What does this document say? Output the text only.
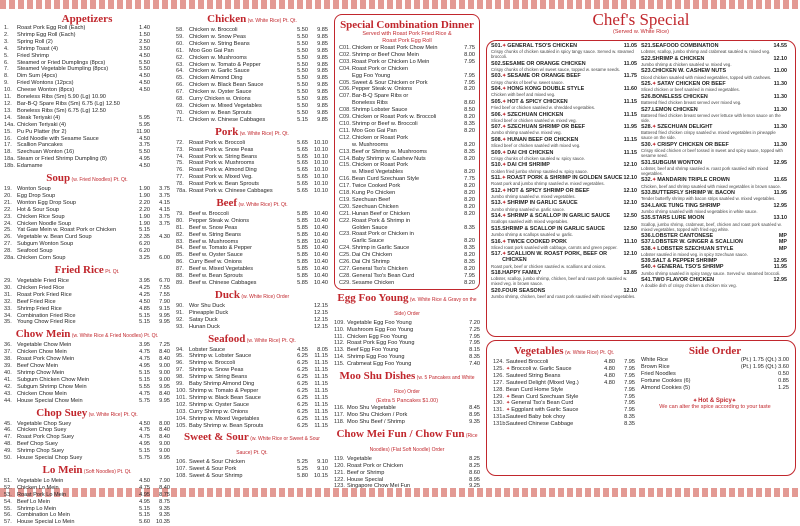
Appetizers
1.	Roast Pork Egg Roll (Each)	1.40
2.	Shrimp Egg Roll (Each)	1.50
3.	Spring Roll (2)	2.50
4.	Shrimp Toast (4)	3.50
5.	Fried Shrimp	4.50
6.	Steamed or Fried Dumplings (8pcs)	5.50
7.	Steamed Vegetable Dumpling (8pcs)	5.50
8.	Dim Sum (4pcs)	4.50
9.	Fried Wontons (12pcs)	4.50
10. Cheese Wonton (8pcs)	4.50
11.	Boneless Ribs (Sm) 5.90 (Lg) 10.90
12. Bar-B-Q Spare Ribs (Sm) 6.75 (Lg) 12.50
13. Boneless Ribs (Sm) 6.75 (Lg) 12.50
14. Steak Teriyaki (4)	5.95
14a. Chicken Teriyaki (4)	5.95
15. Pu Pu Platter (for 2)	11.90
16. Cold Noodle with Sesame Sauce	4.50
17. Scallion Pancakes	3.75
18. Szechuan Wonton (16)	5.50
18a. Steam or Fried Shrimp Dumpling (8)	4.95
18b. Edamame	4.50
Soup (w. Fried Noodles) Pt. Qt.
19. Wonton Soup	1.90	3.75
20. Egg Drop Soup	1.90	3.75
21. Wonton Egg Drop Soup	2.20	4.15
22. Hot & Sour Soup	2.20	4.15
23. Chicken Rice Soup	1.90	3.75
24. Chicken Noodle Soup	1.90	3.75
25. Yat Gaw Mein w. Roast Pork or Chicken	5.15
26. Vegetable w. Bean Curd Soup	2.35	4.30
27. Subgum Wonton Soup	6.20
28. Seafood Soup	6.20
28a. Chicken Corn Soup	3.25	6.00
Fried Rice Pt. Qt.
29. Vegetable Fried Rice	3.95	6.70
30. Chicken Fried Rice	4.25	7.55
31. Roast Pork Fried Rice	4.25	7.55
32. Beef Fried Rice	4.50	7.90
33. Shrimp Fried Rice	4.85	9.15
34. Combination Fried Rice	5.15	9.95
35. Young Chow Fried Rice	5.15	9.95
Chow Mein (w. White Rice & Fried Noodles) Pt. Qt.
36. Vegetable Chow Mein	3.95	7.25
37. Chicken Chow Mein	4.75	8.40
38. Roast Pork Chow Mein	4.75	8.40
39. Beef Chow Mein	4.95	9.00
40. Shrimp Chow Mein	5.15	9.00
41. Subgum Chicken Chow Mein	5.15	9.00
42. Subgum Shrimp Chow Mein	5.55	9.95
43. Chicken Chow Mein	4.75	8.40
44. House Special Chow Mein	5.75	9.95
Chop Suey (w. White Rice) Pt. Qt.
45. Vegetable Chop Suey	4.50	8.00
46. Chicken Chop Suey	4.75	8.40
47. Roast Pork Chop Suey	4.75	8.40
48. Beef Chop Suey	4.95	9.00
49. Shrimp Chop Suey	5.15	9.00
50. House Special Chop Suey	5.75	9.95
Lo Mein (Soft Noodles) Pt. Qt.
51. Vegetable Lo Mein	4.50	7.90
52. Chicken Lo Mein	4.75	8.40
53. Roast Pork Lo Mein	4.95	8.75
54. Beef Lo Mein	4.95	8.75
55. Shrimp Lo Mein	5.15	9.35
56. Combination Lo Mein	5.15	9.35
57. House Special Lo Mein	5.60	10.35
Chicken (w. White Rice) Pt. Qt.
58. Chicken w. Broccoli	5.50	9.85
59. Chicken w. Snow Peas	5.50	9.85
60. Chicken w. String Beans	5.50	9.85
61. Moo Goo Gai Pan	5.50	9.85
62. Chicken w. Mushrooms	5.50	9.85
63. Chicken w. Tomato & Pepper	5.50	9.85
64. Chicken w. Garlic Sauce	5.50	9.85
65. Chicken Almond Ding	5.50	9.85
66. Chicken w. Black Bean Sauce	5.50	9.85
67. Chicken w. Oyster Sauce	5.50	9.85
68. Curry Chicken w. Onions	5.50	9.85
69. Chicken w. Mixed Vegetables	5.50	9.85
70. Chicken w. Bean Sprouts	5.50	9.85
71. Chicken w. Chinese Cabbages	5.15	9.85
Pork (w. White Rice) Pt. Qt.
72. Roast Pork w. Broccoli	5.65	10.10
73. Roast Pork w. Snow Peas	5.65	10.10
74. Roast Pork w. String Beans	5.65	10.10
75. Roast Pork w. Mushrooms	5.65	10.10
76. Roast Pork w. Almond Ding	5.65	10.10
77. Roast Pork w. Mixed Veg.	5.65	10.10
78. Roast Pork w. Bean Sprouts	5.65	10.10
78a. Roast Pork w. Chinese Cabbages	5.65	10.10
Beef (w. White Rice) Pt. Qt.
79. Beef w. Broccoli	5.85	10.40
80. Pepper Steak w. Onions	5.85	10.40
81. Beef w. Snow Peas	5.85	10.40
82. Beef w. String Beans	5.85	10.40
83. Beef w. Mushrooms	5.85	10.40
84. Beef w. Tomato & Pepper	5.85	10.40
85. Beef w. Oyster Sauce	5.85	10.40
86. Curry Beef w. Onions	5.85	10.40
87. Beef w. Mixed Vegetables	5.85	10.40
88. Beef w. Bean Sprouts	5.85	10.40
89. Beef w. Chinese Cabbages	5.85	10.40
Duck (w. White Rice) Order
90. Wor Shu Duck	12.15
91. Pineapple Duck	12.15
92. Satay Duck	12.15
93. Hunan Duck	12.15
Seafood (w. White Rice) Pt. Qt.
94. Lobster Sauce	4.55	8.05
95. Shrimp w. Lobster Sauce	6.25	11.15
96. Shrimp w. Broccoli	6.25	11.15
97. Shrimp w. Snow Peas	6.25	11.15
98. Shrimp w. String Beans	6.25	11.15
99. Baby Shrimp Almond Ding	6.25	11.15
100. Shrimp w. Tomato & Pepper	6.25	11.15
101. Shrimp w. Black Bean Sauce	6.25	11.15
102. Shrimp w. Oyster Sauce	6.25	11.15
103. Curry Shrimp w. Onions	6.25	11.15
104. Shrimp w. Mixed Vegetables	6.25	11.15
105. Baby Shrimp w. Bean Sprouts	6.25	11.15
Sweet & Sour (w. White Rice or Sweet & Sour Sauce) Pt. Qt.
106. Sweet & Sour Chicken	5.25	9.10
107. Sweet & Sour Pork	5.25	9.10
108. Sweet & Sour Shrimp	5.80	10.15
Special Combination Dinner
Served with Roast Pork Fried Rice &
Roast Pork Egg Roll
C01. Chicken or Roast Pork Chow Mein	7.75
C02. Shrimp or Beef Chow Mein	8.00
C03. Roast Pork or Chicken Lo Mein	7.95
C04. Roast Pork or Chicken
Egg Foo Young	7.95
C05. Sweet & Sour Chicken or Pork	7.95
C06. Pepper Steak w. Onions	8.20
C07. Bar-B-Q Spare Ribs or
Boneless Ribs	8.60
C08. Shrimp Lobster Sauce	8.50
C09. Chicken or Roast Pork w. Broccoli	8.20
C10. Shrimp or Beef w. Broccoli	8.35
C11. Moo Goo Gai Pan	8.20
C12. Chicken or Roast Pork
w. Mushrooms	8.20
C13. Beef or Shrimp w. Mushrooms	8.35
C14. Baby Shrimp w. Cashew Nuts	8.20
C15. Chicken or Roast Pork
w. Mixed Vegetables	8.20
C16. Bean Curd Szechuan Style	7.75
C17. Twice Cooked Pork	8.20
C18. Kung Po Chicken	8.20
C19. Szechuan Beef	8.20
C20. Szechuan Chicken	8.20
C21. Hunan Beef or Chicken	8.20
C22. Roast Pork & Shrimp in
Golden Sauce	8.35
C23. Roast Pork or Chicken in
Garlic Sauce	8.20
C24. Shrimp in Garlic Sauce	8.35
C25. Dai Chi Chicken	8.20
C26. Dai Chi Shrimp	8.35
C27. General Tso's Chicken	8.20
C28. General Tso's Bean Curd	7.95
C29. Sesame Chicken	8.20
Egg Foo Young (w. White Rice & Gravy on the Side) Order
109. Vegetable Egg Foo Young	7.20
110. Mushroom Egg Foo Young	7.25
111. Chicken Egg Foo Young	7.95
112. Roast Pork Egg Foo Young	7.95
113. Beef Egg Foo Young	8.15
114. Shrimp Egg Foo Young	8.35
115. Crabmeat Egg Foo Young	7.40
Moo Shu Dishes (w. 5 Pancakes and White Rice) Order
(Extra 5 Pancakes $1.00)
116. Moo Shu Vegetable	8.45
117. Moo Shu Chicken / Pork	8.95
118. Moo Shu Beef / Shrimp	9.35
Chow Mei Fun / Chow Fun (Rice Noodles) (Flat Soft Noodle) Order
119. Vegetable	8.25
120. Roast Pork or Chicken	8.25
121. Beef or Shrimp	8.60
122. House Special	8.95
123. Singapore Chow Mei Fun	9.25
Chef's Special
(Served w. White Rice)
S01. ✦GENERAL TSO'S CHICKEN	11.05
Crispy chunks of chicken sautéed in spicy tangy sauce. Served w. steamed broccoli.
S02. SESAME OR ORANGE CHICKEN	11.05
Crispy chunks of chicken w/ sweet sauce, topped w. sesame seeds.
S03. ✦SESAME OR ORANGE BEEF	11.75
Crispy chunks of beef w. sweet sauce.
S04. ✦HONG KONG DOUBLE STYLE	11.60
Chicken with beef and mixed veg.
S05. ✦HOT & SPICY CHICKEN	11.15
Fried beef or chicken sautéed w. shredded vegetables.
S06. ✦SZECHUAN CHICKEN	11.15
Sliced beef or chicken sautéed w. mixed veg.
S07. ✦SZECHUAN SHRIMP OR BEEF	11.95
Jumbo shrimp sautéed w. mixed veg.
S08. ✦HUNAN BEEF OR CHICKEN	11.15
Sliced beef or chicken sautéed with mixed veg.
S09. ✦DAI CHI CHICKEN	11.15
Crispy chunks of chicken sautéed w. spicy sauce.
S10. ✦DAI CHI SHRIMP	12.10
Golden fried jumbo shrimp sautéed w. spicy sauce.
S11. ✦ROAST PORK & SHRIMP IN GOLDEN SAUCE 12.10
Roast pork and jumbo shrimp sautéed w. mixed vegetables.
S12. ✦HOT & SPICY SHRIMP OR BEEF	12.10
Jumbo shrimp sautéed w. mixed vegetables.
S13. ✦SHRIMP IN GARLIC SAUCE	12.10
Jumbo shrimp sautéed w. garlic sauce.
S14. ✦SHRIMP & SCALLOP IN GARLIC SAUCE	12.50
Scallops sautéed with mixed vegetables.
S15. SHRIMP & SCALLOP IN GARLIC SAUCE	12.50
Jumbo shrimp & scallops sautéed w. garlic.
S16. ✦TWICE COOKED PORK	11.10
Sliced roast pork sautéed with cabbage, carrots and green pepper.
S17. ✦SCALLION W. ROAST PORK, BEEF OR CHICKEN
12.10
Roast pork, beef or chicken sautéed w. scallions and onions.
S18. HAPPY FAMILY	13.85
Lobster, scallop, jumbo shrimp, chicken, beef and roast pork sautéed w. mixed veg. in brown sauce.
S20. FOUR SEASONS	12.10
Jumbo shrimp, chicken, beef and roast pork sautéed with mixed vegetables.
S21. SEAFOOD COMBINATION	14.55
Lobster, scallop, jumbo shrimp and crabmeat sautéed w. mixed veg.
S22. SHRIMP & CHICKEN	12.10
Jumbo shrimp & chicken sautéed w. mixed veg.
S23. CHICKEN W. CASHEW NUTS	11.00
Diced chicken sautéed with mixed vegetables, topped with cashews.
S25. ✦SATAY CHICKEN OR BEEF	11.30
Sliced chicken or beef sautéed in mixed vegetables.
S26. BONELESS CHICKEN	11.30
Battered fried chicken breast served over mixed veg.
S27. LEMON CHICKEN	11.30
Battered fried chicken breast served over lettuce with lemon sauce on the side.
S28. ✦SZECHUAN DELIGHT	11.30
Battered fried chicken crispy sautéed w. mixed vegetables in pineapple sauce on the side.
S30. ✦CRISPY CHICKEN OR BEEF	11.30
Crispy sliced chicken or beef tossed in sweet and spicy sauce, topped with sesame seed.
S31. SUBGUM WONTON	12.95
Lobster, beef and shrimp sautéed w. roast pork sautéed with mixed vegetables.
S32. ✦MANDARIN TRIPLE CROWN	11.65
Chicken, beef and shrimp sautéed with mixed vegetables in brown sauce.
S33. BUTTERFLY SHRIMP W. BACON	11.95
Tender butterfly shrimp with bacon strips sautéed w. mixed vegetables.
S34. LAKE TUNG TING SHRIMP	12.95
Jumbo shrimp sautéed with mixed vegetables in white sauce.
S35. STARS LURE MOON	13.10
Scallop, jumbo shrimp, crabmeat, beef, chicken and roast pork sautéed w. mixed vegetables, topped with fried egg white.
S36. LOBSTER CANTONESE	MP
S37. LOBSTER W. GINGER & SCALLION	MP
S38. ✦LOBSTER SZECHUAN STYLE	MP
Lobster sautéed in mixed veg. in spicy Szechuan sauce.
S39. SALT & PEPPER SHRIMP	12.95
S40. ✦GENERAL TSO'S SHRIMP	11.95
Jumbo shrimp sautéed in spicy tangy sauce. Served w. steamed broccoli.
S41. TWO FLAVOR CHICKEN	12.95
A double dish of crispy chicken & chicken mix veg.
Vegetables (w. White Rice) Pt. Qt.
124. Sauteed Broccoli	4.80	7.95
125. ✦Broccoli w. Garlic Sauce	4.80	7.95
126. Sauteed String Beans	4.80	7.95
127. Sauteed Delight (Mixed Veg.)	4.80	7.95
128. Bean Curd Home Style	7.95
129. ✦Bean Curd Szechuan Style	7.95
130. ✦General Tso's Bean Curd	7.95
131. ✦Eggplant with Garlic Sauce	7.95
131a. Sauteed Baby bok choy	8.35
131b. Sauteed Chinese Cabbage	8.35
Side Order
White Rice	(Pt.) 1.75 (Qt.) 3.00
Brown Rice	(Pt.) 1.95 (Qt.) 3.60
Fried Noodles	0.50
Fortune Cookies (6)	0.85
Almond Cookies (5)	1.25
✦Hot & Spicy✦
We can alter the spice according to your taste
